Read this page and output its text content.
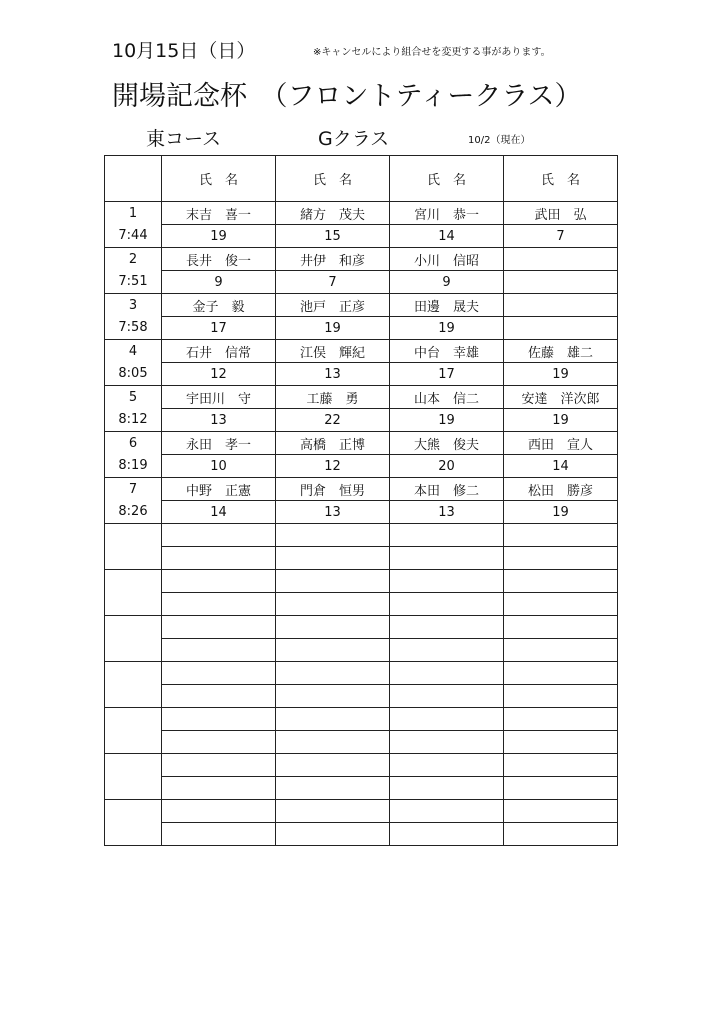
10月15日（日）	※キャンセルにより組合せを変更する事があります。
開場記念杯　（フロントティークラス）
東コース	Gクラス	10/2（現在）
	氏　名	氏　名	氏　名	氏　名
1	末吉　喜一	緒方　茂夫	宮川　恭一	武田　弘
7:44	19	15	14	7
2	長井　俊一	井伊　和彦	小川　信昭	
7:51	9	7	9	
3	金子　毅	池戸　正彦	田邊　晟夫	
7:58	17	19	19	
4	石井　信常	江俣　輝紀	中台　幸雄	佐藤　雄二
8:05	12	13	17	19
5	宇田川　守	工藤　勇	山本　信二	安達　洋次郎
8:12	13	22	19	19
6	永田　孝一	高橋　正博	大熊　俊夫	西田　宣人
8:19	10	12	20	14
7	中野　正憲	門倉　恒男	本田　修二	松田　勝彦
8:26	14	13	13	19
